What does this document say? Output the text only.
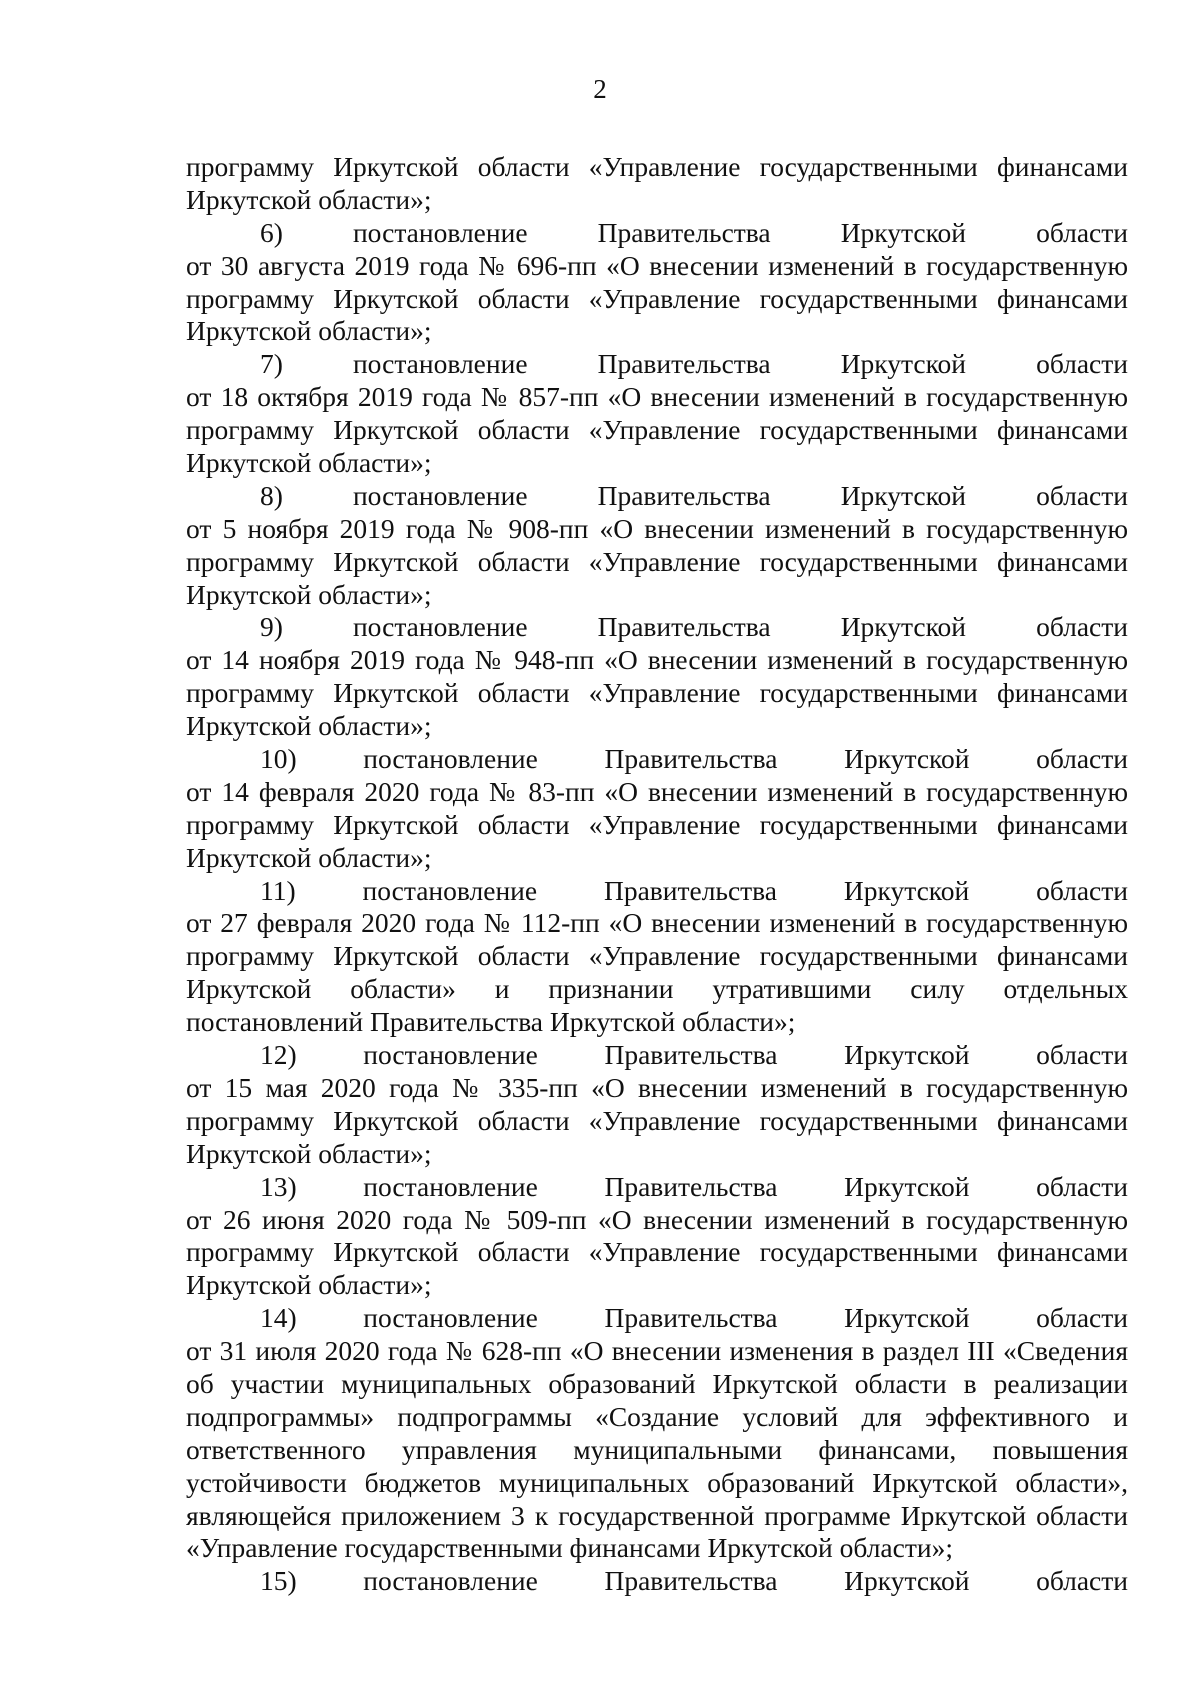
2
программу Иркутской области «Управление государственными финансами
Иркутской области»;
6) постановление Правительства Иркутской области
от 30 августа 2019 года № 696-пп «О внесении изменений в государственную
программу Иркутской области «Управление государственными финансами
Иркутской области»;
7) постановление Правительства Иркутской области
от 18 октября 2019 года № 857-пп «О внесении изменений в государственную
программу Иркутской области «Управление государственными финансами
Иркутской области»;
8) постановление Правительства Иркутской области
от 5 ноября 2019 года № 908-пп «О внесении изменений в государственную
программу Иркутской области «Управление государственными финансами
Иркутской области»;
9) постановление Правительства Иркутской области
от 14 ноября 2019 года № 948-пп «О внесении изменений в государственную
программу Иркутской области «Управление государственными финансами
Иркутской области»;
10) постановление Правительства Иркутской области
от 14 февраля 2020 года № 83-пп «О внесении изменений в государственную
программу Иркутской области «Управление государственными финансами
Иркутской области»;
11) постановление Правительства Иркутской области
от 27 февраля 2020 года № 112-пп «О внесении изменений в государственную
программу Иркутской области «Управление государственными финансами
Иркутской области» и признании утратившими силу отдельных
постановлений Правительства Иркутской области»;
12) постановление Правительства Иркутской области
от 15 мая 2020 года № 335-пп «О внесении изменений в государственную
программу Иркутской области «Управление государственными финансами
Иркутской области»;
13) постановление Правительства Иркутской области
от 26 июня 2020 года № 509-пп «О внесении изменений в государственную
программу Иркутской области «Управление государственными финансами
Иркутской области»;
14) постановление Правительства Иркутской области
от 31 июля 2020 года № 628-пп «О внесении изменения в раздел III «Сведения
об участии муниципальных образований Иркутской области в реализации
подпрограммы» подпрограммы «Создание условий для эффективного и
ответственного управления муниципальными финансами, повышения
устойчивости бюджетов муниципальных образований Иркутской области»,
являющейся приложением 3 к государственной программе Иркутской области
«Управление государственными финансами Иркутской области»;
15) постановление Правительства Иркутской области
